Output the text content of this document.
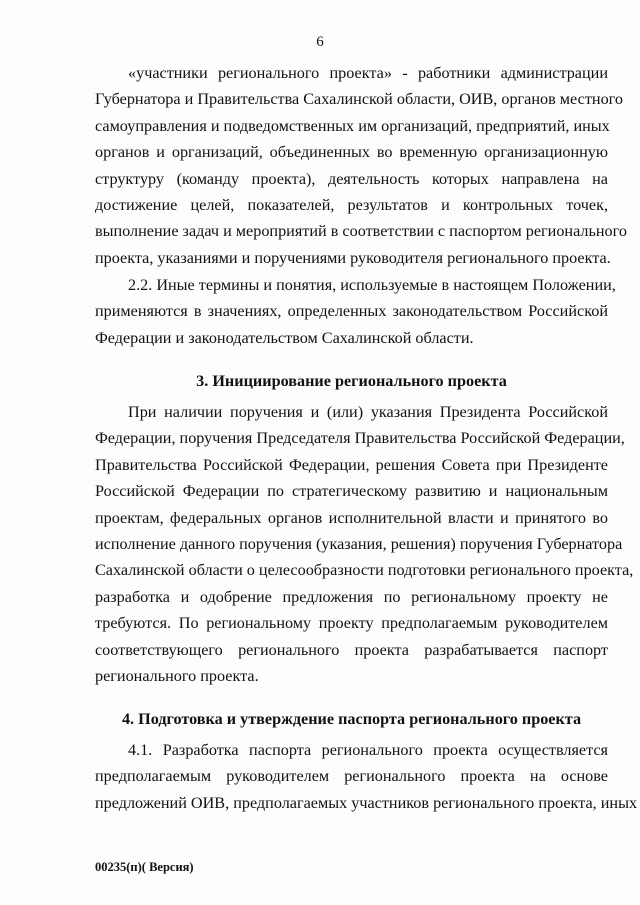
6
«участники регионального проекта» - работники администрации
Губернатора и Правительства Сахалинской области, ОИВ, органов местного
самоуправления и подведомственных им организаций, предприятий, иных
органов и организаций, объединенных во временную организационную
структуру (команду проекта), деятельность которых направлена на
достижение целей, показателей, результатов и контрольных точек,
выполнение задач и мероприятий в соответствии с паспортом регионального
проекта, указаниями и поручениями руководителя регионального проекта.
2.2. Иные термины и понятия, используемые в настоящем Положении,
применяются в значениях, определенных законодательством Российской
Федерации и законодательством Сахалинской области.
3. Инициирование регионального проекта
При наличии поручения и (или) указания Президента Российской
Федерации, поручения Председателя Правительства Российской Федерации,
Правительства Российской Федерации, решения Совета при Президенте
Российской Федерации по стратегическому развитию и национальным
проектам, федеральных органов исполнительной власти и принятого во
исполнение данного поручения (указания, решения) поручения Губернатора
Сахалинской области о целесообразности подготовки регионального проекта,
разработка и одобрение предложения по региональному проекту не
требуются. По региональному проекту предполагаемым руководителем
соответствующего регионального проекта разрабатывается паспорт
регионального проекта.
4. Подготовка и утверждение паспорта регионального проекта
4.1. Разработка паспорта регионального проекта осуществляется
предполагаемым руководителем регионального проекта на основе
предложений ОИВ, предполагаемых участников регионального проекта, иных
00235(п)( Версия)
